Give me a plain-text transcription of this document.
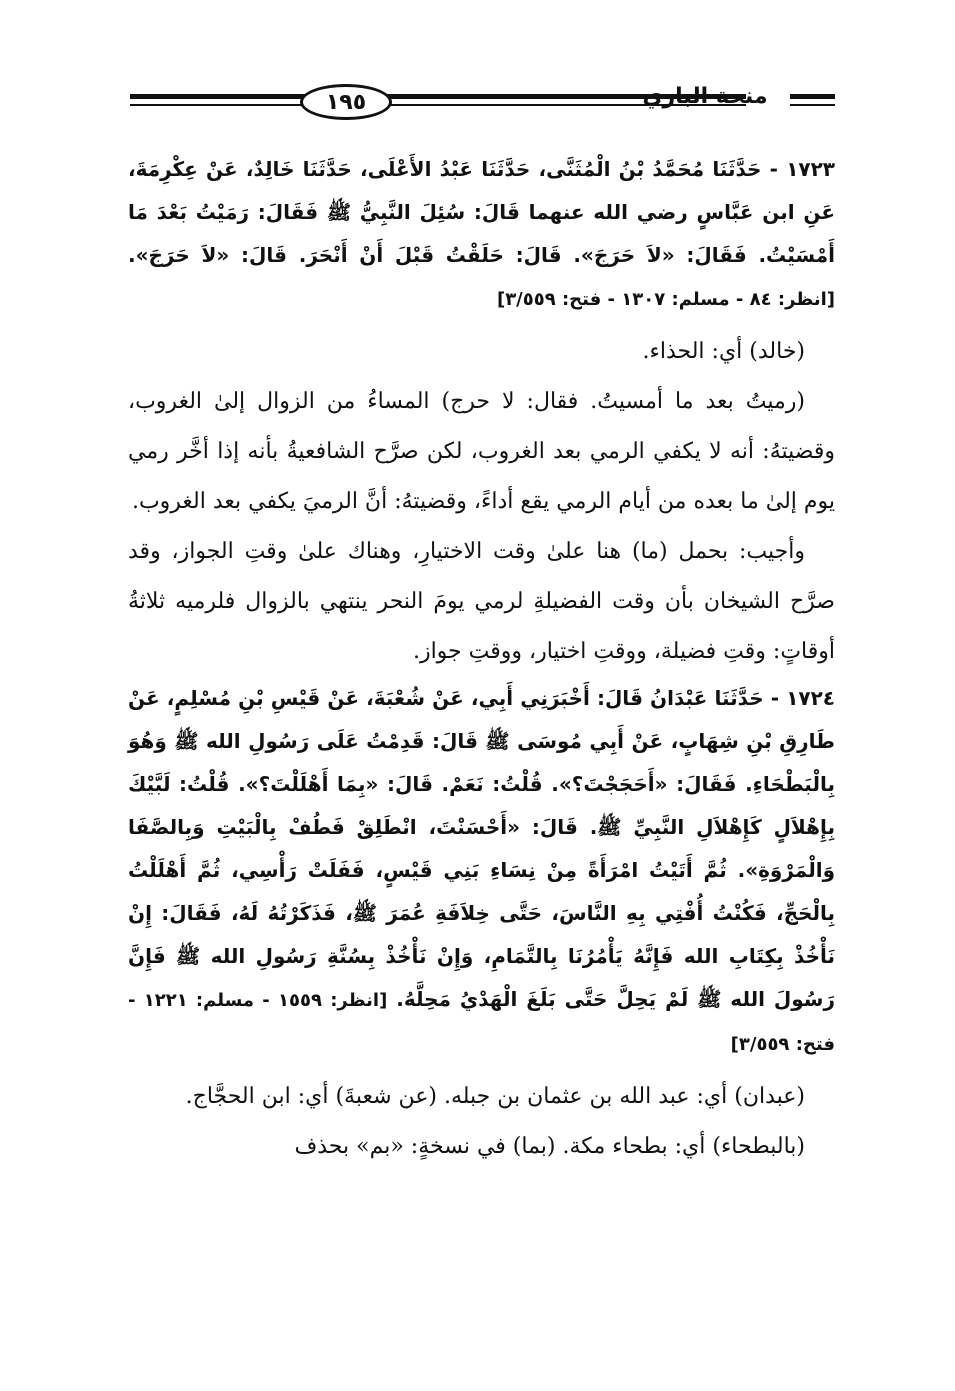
١٩٥	منحة الباري

١٧٢٣ - حَدَّثَنَا مُحَمَّدُ بْنُ الْمُثَنَّى، حَدَّثَنَا عَبْدُ الأَعْلَى، حَدَّثَنَا خَالِدٌ، عَنْ عِكْرِمَةَ، عَنِ ابن عَبَّاسٍ رضي الله عنهما قَالَ: سُئِلَ النَّبِيُّ ﷺ فَقَالَ: رَمَيْتُ بَعْدَ مَا أَمْسَيْتُ. فَقَالَ: «لاَ حَرَجَ». قَالَ: حَلَقْتُ قَبْلَ أَنْ أَنْحَرَ. قَالَ: «لاَ حَرَجَ». [انظر: ٨٤ - مسلم: ١٣٠٧ - فتح: ٣/٥٥٩]

(خالد) أي: الحذاء.

(رميتُ بعد ما أمسيتُ. فقال: لا حرج) المساءُ من الزوال إلىٰ الغروب، وقضيتهُ: أنه لا يكفي الرمي بعد الغروب، لكن صرَّح الشافعيةُ بأنه إذا أخَّر رمي يوم إلىٰ ما بعده من أيام الرمي يقع أداءً، وقضيتهُ: أنَّ الرميَ يكفي بعد الغروب.

وأجيب: بحمل (ما) هنا علىٰ وقت الاختيارِ، وهناك علىٰ وقتِ الجواز، وقد صرَّح الشيخان بأن وقت الفضيلةِ لرمي يومَ النحر ينتهي بالزوال فلرميه ثلاثةُ أوقاتٍ: وقتِ فضيلة، ووقتِ اختيار، ووقتِ جواز.

١٧٢٤ - حَدَّثَنَا عَبْدَانُ قَالَ: أَخْبَرَنِي أَبِي، عَنْ شُعْبَةَ، عَنْ قَيْسِ بْنِ مُسْلِمٍ، عَنْ طَارِقِ بْنِ شِهَابٍ، عَنْ أَبِي مُوسَى ﷺ قَالَ: قَدِمْتُ عَلَى رَسُولِ الله ﷺ وَهُوَ بِالْبَطْحَاءِ. فَقَالَ: «أَحَجَجْتَ؟». قُلْتُ: نَعَمْ. قَالَ: «بِمَا أَهْلَلْتَ؟». قُلْتُ: لَبَّيْكَ بِإِهْلاَلٍ كَإِهْلاَلِ النَّبِيِّ ﷺ. قَالَ: «أَحْسَنْتَ، انْطَلِقْ فَطُفْ بِالْبَيْتِ وَبِالصَّفَا وَالْمَرْوَةِ». ثُمَّ أَتَيْتُ امْرَأَةً مِنْ نِسَاءِ بَنِي قَيْسٍ، فَفَلَتْ رَأْسِي، ثُمَّ أَهْلَلْتُ بِالْحَجِّ، فَكُنْتُ أُفْتِي بِهِ النَّاسَ، حَتَّى خِلاَفَةِ عُمَرَ ﷺ، فَذَكَرْتُهُ لَهُ، فَقَالَ: إِنْ نَأْخُذْ بِكِتَابِ الله فَإِنَّهُ يَأْمُرُنَا بِالتَّمَامِ، وَإِنْ نَأْخُذْ بِسُنَّةِ رَسُولِ الله ﷺ فَإِنَّ رَسُولَ الله ﷺ لَمْ يَحِلَّ حَتَّى بَلَغَ الْهَدْيُ مَحِلَّهُ. [انظر: ١٥٥٩ - مسلم: ١٢٢١ - فتح: ٣/٥٥٩]

(عبدان) أي: عبد الله بن عثمان بن جبله. (عن شعبةَ) أي: ابن الحجَّاج.

(بالبطحاء) أي: بطحاء مكة. (بما) في نسخةٍ: «بم» بحذف
